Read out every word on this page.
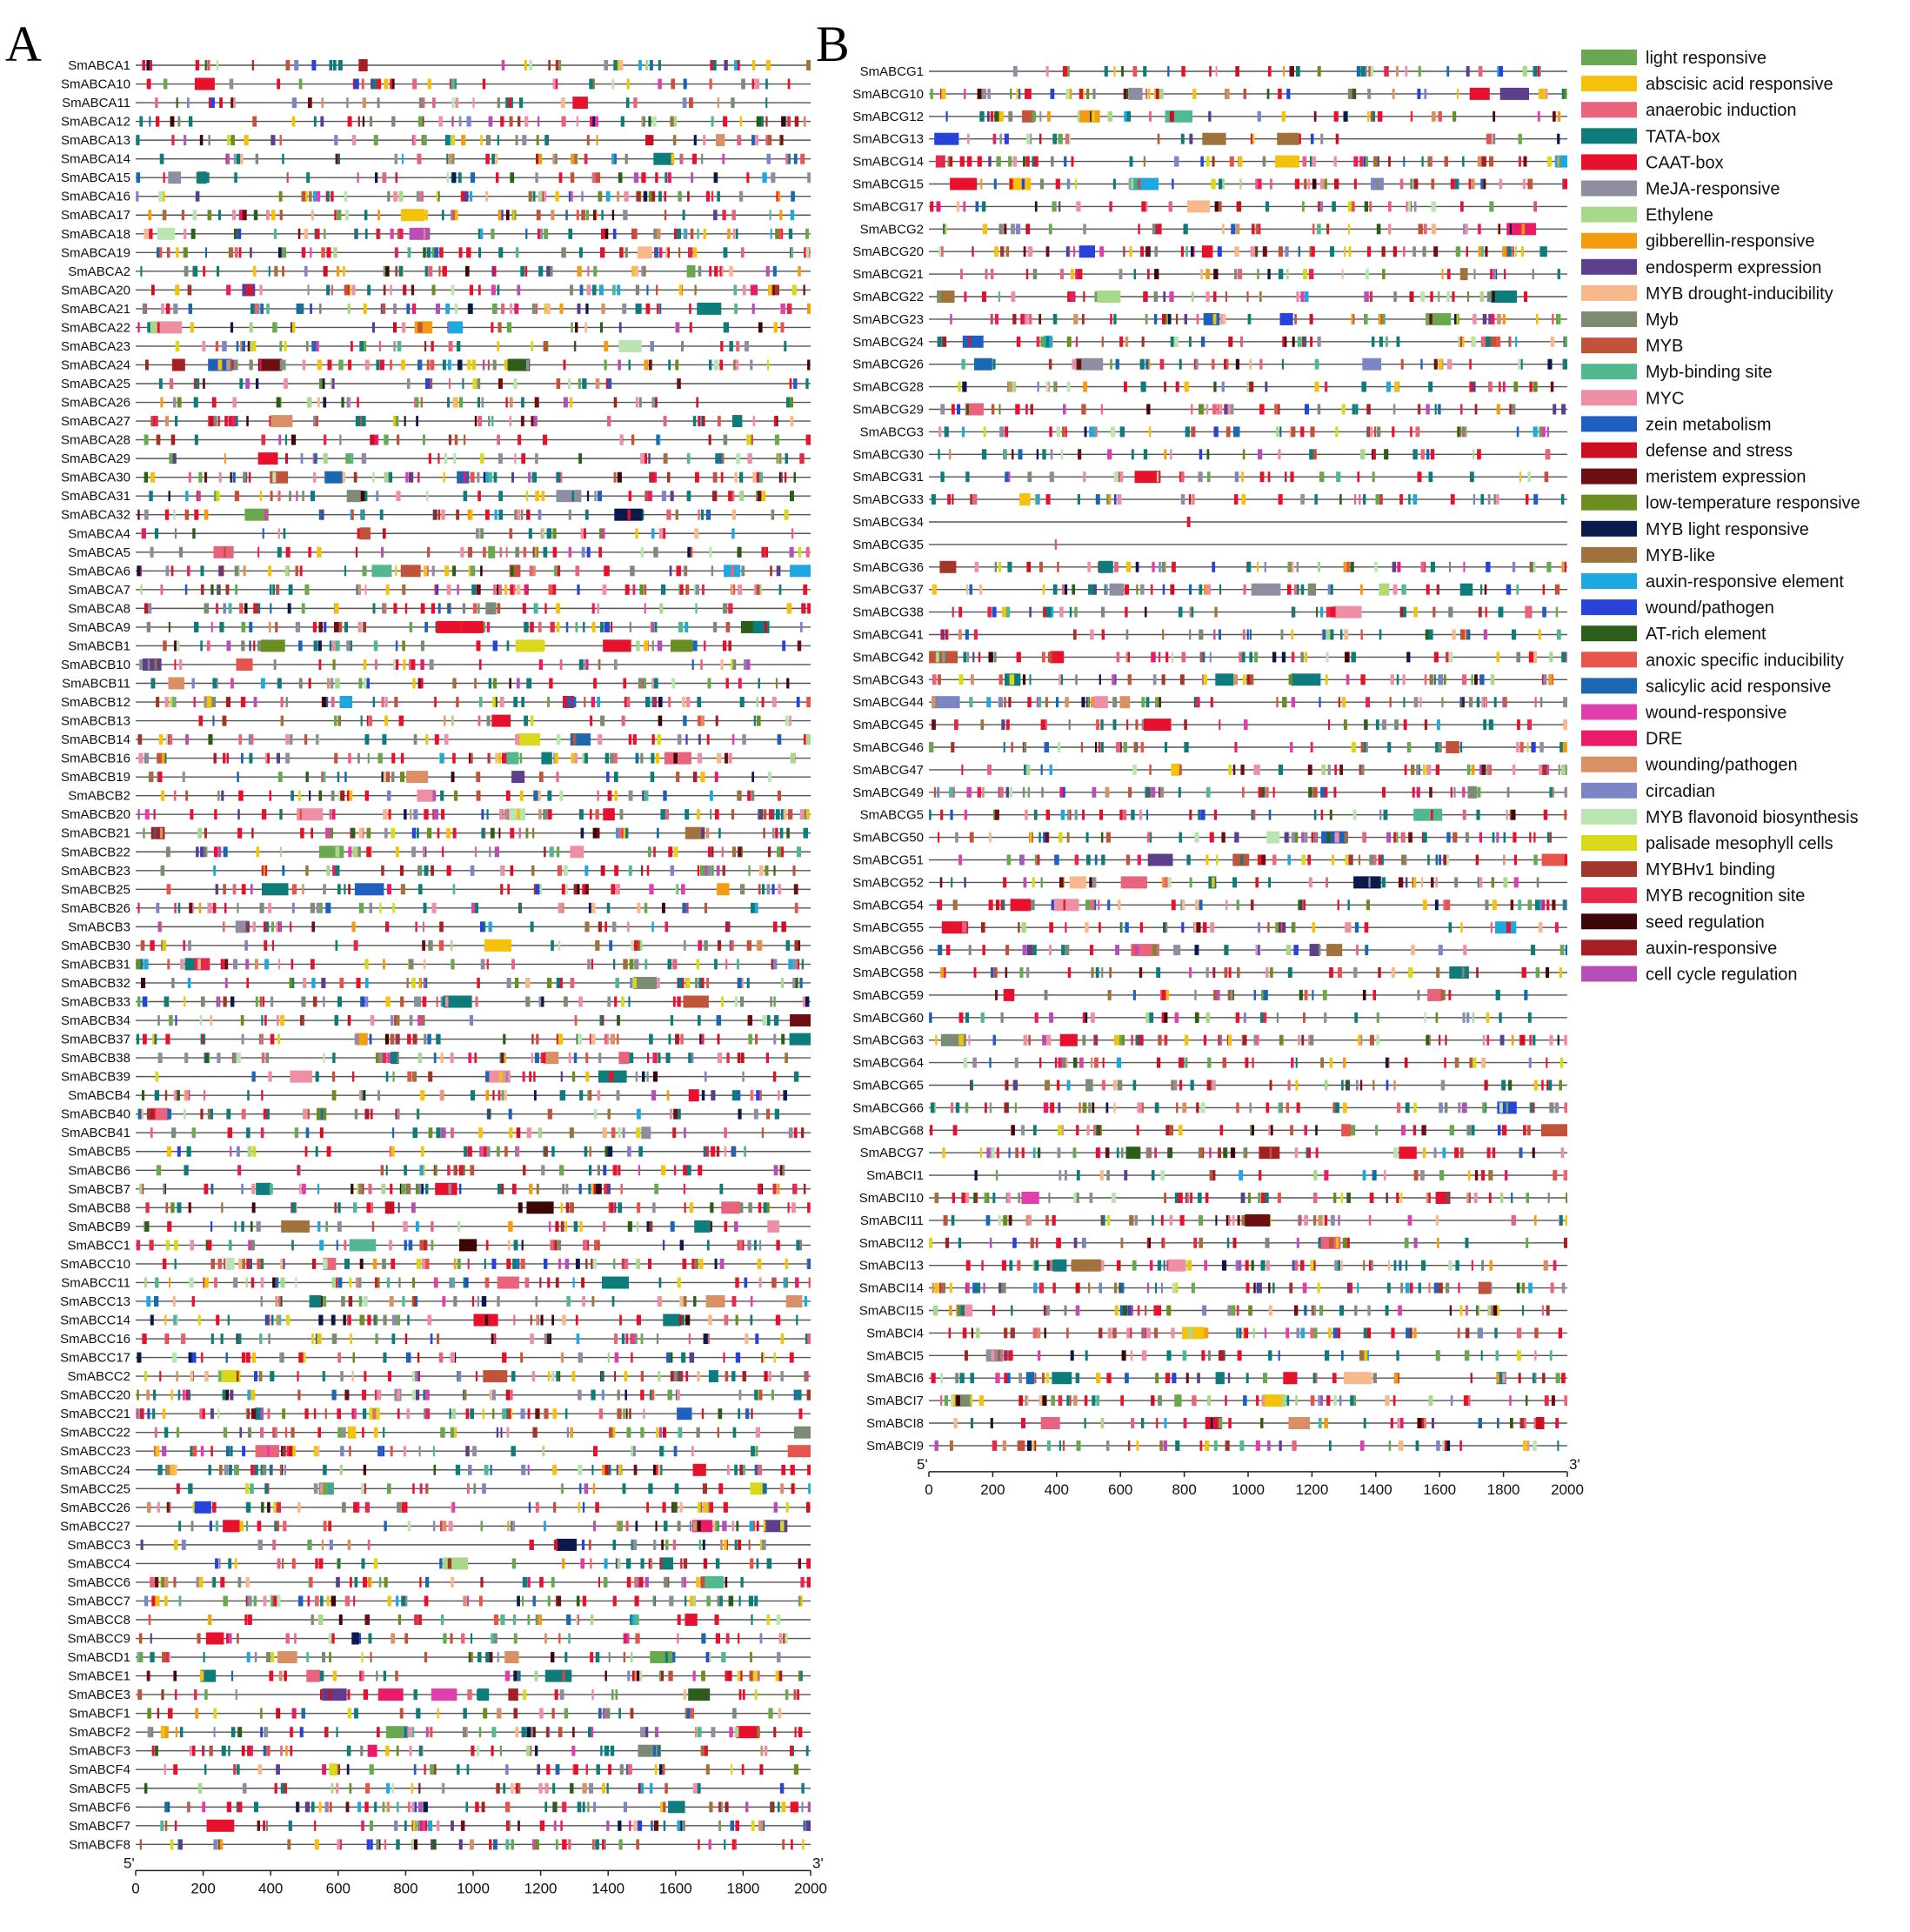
A	B
SmABCA1
SmABCA10
SmABCA11
SmABCA12
SmABCA13
SmABCA14
SmABCA15
SmABCA16
SmABCA17
SmABCA18
SmABCA19
SmABCA2
SmABCA20
SmABCA21
SmABCA22
SmABCA23
SmABCA24
SmABCA25
SmABCA26
SmABCA27
SmABCA28
SmABCA29
SmABCA30
SmABCA31
SmABCA32
SmABCA4
SmABCA5
SmABCA6
SmABCA7
SmABCA8
SmABCA9
SmABCB1
SmABCB10
SmABCB11
SmABCB12
SmABCB13
SmABCB14
SmABCB16
SmABCB19
SmABCB2
SmABCB20
SmABCB21
SmABCB22
SmABCB23
SmABCB25
SmABCB26
SmABCB3
SmABCB30
SmABCB31
SmABCB32
SmABCB33
SmABCB34
SmABCB37
SmABCB38
SmABCB39
SmABCB4
SmABCB40
SmABCB41
SmABCB5
SmABCB6
SmABCB7
SmABCB8
SmABCB9
SmABCC1
SmABCC10
SmABCC11
SmABCC13
SmABCC14
SmABCC16
SmABCC17
SmABCC2
SmABCC20
SmABCC21
SmABCC22
SmABCC23
SmABCC24
SmABCC25
SmABCC26
SmABCC27
SmABCC3
SmABCC4
SmABCC6
SmABCC7
SmABCC8
SmABCC9
SmABCD1
SmABCE1
SmABCE3
SmABCF1
SmABCF2
SmABCF3
SmABCF4
SmABCF5
SmABCF6
SmABCF7
SmABCF8
5'	3'
0	200	400	600	800	1000 1200 1400 1600 1800 2000
SmABCG1
SmABCG10
SmABCG12
SmABCG13
SmABCG14
SmABCG15
SmABCG17
SmABCG2
SmABCG20
SmABCG21
SmABCG22
SmABCG23
SmABCG24
SmABCG26
SmABCG28
SmABCG29
SmABCG3
SmABCG30
SmABCG31
SmABCG33
SmABCG34
SmABCG35
SmABCG36
SmABCG37
SmABCG38
SmABCG41
SmABCG42
SmABCG43
SmABCG44
SmABCG45
SmABCG46
SmABCG47
SmABCG49
SmABCG5
SmABCG50
SmABCG51
SmABCG52
SmABCG54
SmABCG55
SmABCG56
SmABCG58
SmABCG59
SmABCG60
SmABCG63
SmABCG64
SmABCG65
SmABCG66
SmABCG68
SmABCG7
SmABCI1
SmABCI10
SmABCI11
SmABCI12
SmABCI13
SmABCI14
SmABCI15
SmABCI4
SmABCI5
SmABCI6
SmABCI7
SmABCI8
SmABCI9
5'	3'
0	200	400	600	800 1000 1200 1400 1600 1800 2000
light responsive
abscisic acid responsive
anaerobic induction
TATA-box
CAAT-box
MeJA-responsive
Ethylene
gibberellin-responsive
endosperm expression
MYB drought-inducibility
Myb
MYB
Myb-binding site
MYC
zein metabolism
defense and stress
meristem expression
low-temperature responsive
MYB light responsive
MYB-like
auxin-responsive element
wound/pathogen
AT-rich element
anoxic specific inducibility
salicylic acid responsive
wound-responsive
DRE
wounding/pathogen
circadian
MYB flavonoid biosynthesis
palisade mesophyll cells
MYBHv1 binding
MYB recognition site
seed regulation
auxin-responsive
cell cycle regulation
